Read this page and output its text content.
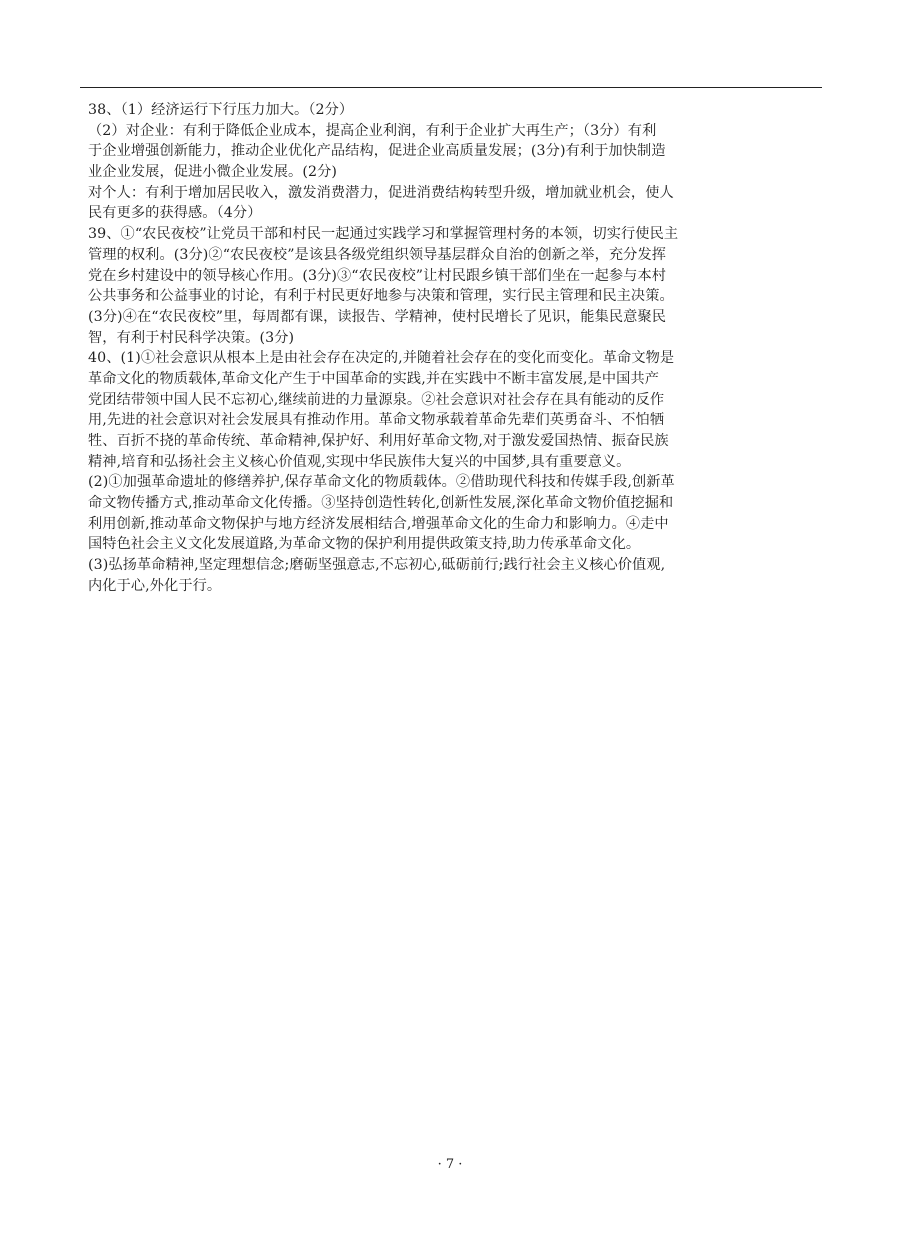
38、（1）经济运行下行压力加大。（2分）
（2）对企业：有利于降低企业成本，提高企业利润，有利于企业扩大再生产；（3分）有利
于企业增强创新能力，推动企业优化产品结构，促进企业高质量发展；(3分)有利于加快制造
业企业发展，促进小微企业发展。(2分)
对个人：有利于增加居民收入，激发消费潜力，促进消费结构转型升级，增加就业机会，使人
民有更多的获得感。（4分）
39、①“农民夜校”让党员干部和村民一起通过实践学习和掌握管理村务的本领，切实行使民主
管理的权利。(3分)②“农民夜校”是该县各级党组织领导基层群众自治的创新之举，充分发挥
党在乡村建设中的领导核心作用。(3分)③“农民夜校”让村民跟乡镇干部们坐在一起参与本村
公共事务和公益事业的讨论，有利于村民更好地参与决策和管理，实行民主管理和民主决策。
(3分)④在“农民夜校”里，每周都有课，读报告、学精神，使村民增长了见识，能集民意聚民
智，有利于村民科学决策。(3分)
40、(1)①社会意识从根本上是由社会存在决定的,并随着社会存在的变化而变化。革命文物是
革命文化的物质载体,革命文化产生于中国革命的实践,并在实践中不断丰富发展,是中国共产
党团结带领中国人民不忘初心,继续前进的力量源泉。②社会意识对社会存在具有能动的反作
用,先进的社会意识对社会发展具有推动作用。革命文物承载着革命先辈们英勇奋斗、不怕牺
牲、百折不挠的革命传统、革命精神,保护好、利用好革命文物,对于激发爱国热情、振奋民族
精神,培育和弘扬社会主义核心价值观,实现中华民族伟大复兴的中国梦,具有重要意义。
(2)①加强革命遗址的修缮养护,保存革命文化的物质载体。②借助现代科技和传媒手段,创新革
命文物传播方式,推动革命文化传播。③坚持创造性转化,创新性发展,深化革命文物价值挖掘和
利用创新,推动革命文物保护与地方经济发展相结合,增强革命文化的生命力和影响力。④走中
国特色社会主义文化发展道路,为革命文物的保护利用提供政策支持,助力传承革命文化。
(3)弘扬革命精神,坚定理想信念;磨砺坚强意志,不忘初心,砥砺前行;践行社会主义核心价值观,
内化于心,外化于行。
· 7 ·
